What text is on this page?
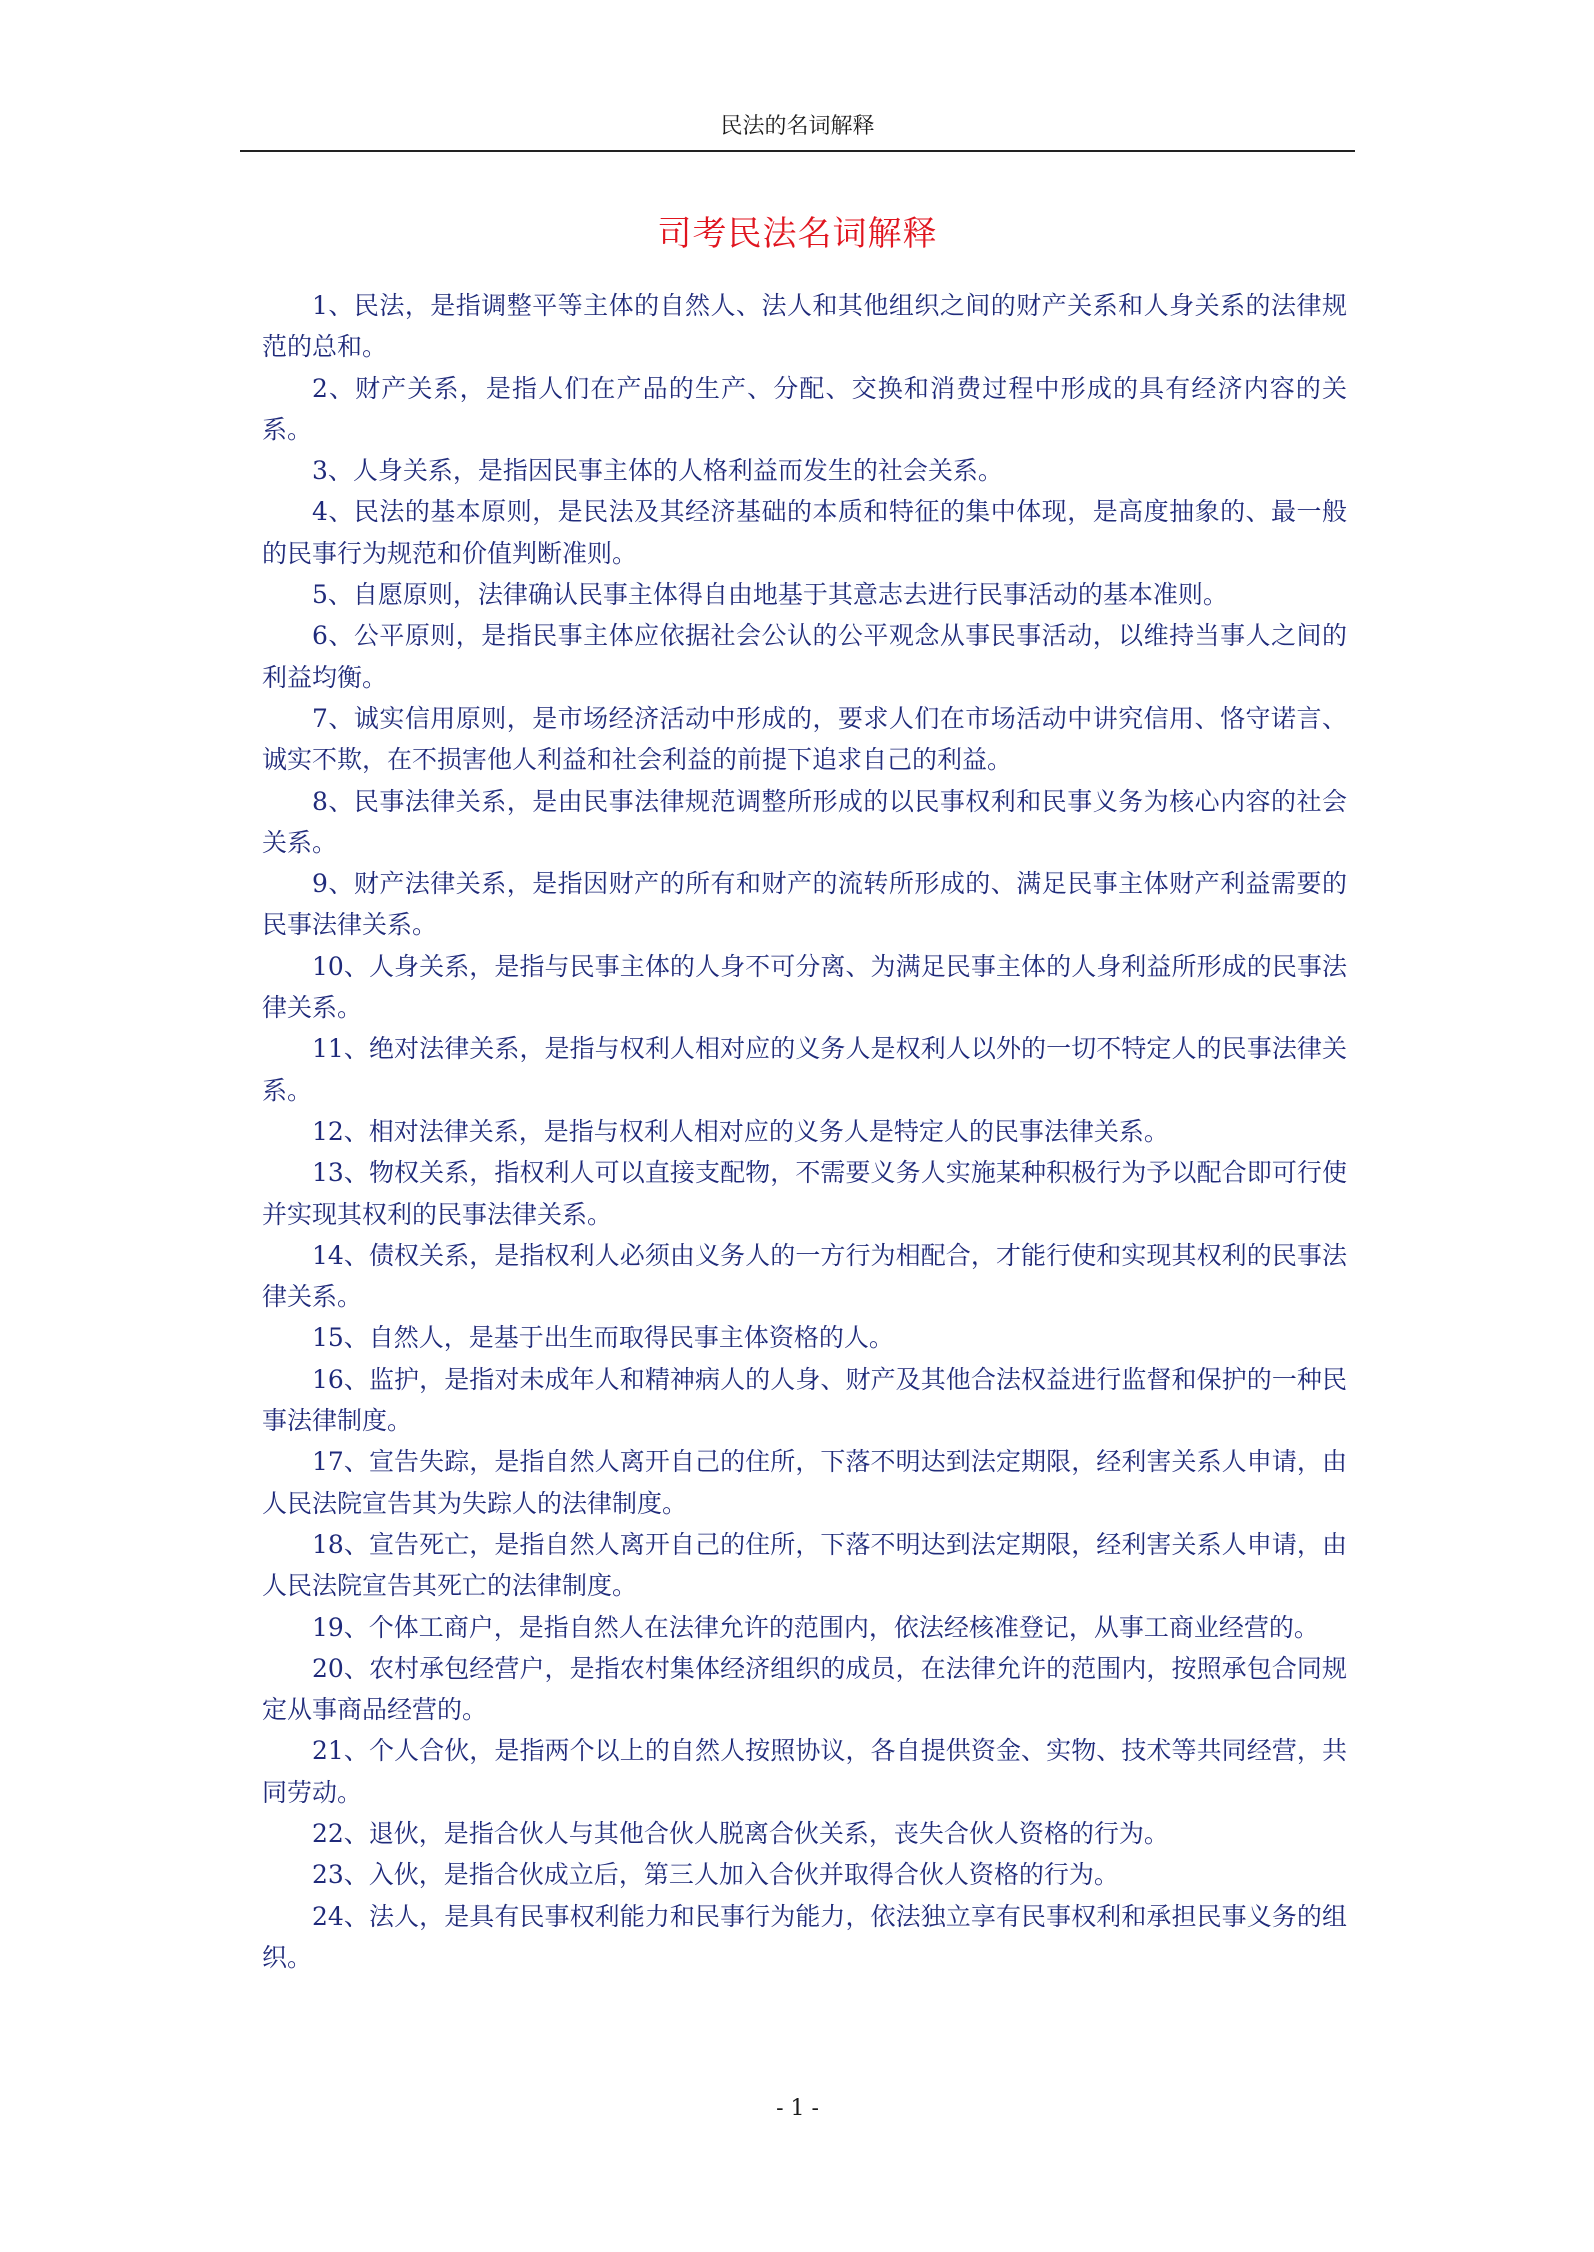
民法的名词解释
司考民法名词解释

1、民法，是指调整平等主体的自然人、法人和其他组织之间的财产关系和人身关系的法律规范的总和。

2、财产关系，是指人们在产品的生产、分配、交换和消费过程中形成的具有经济内容的关系。

3、人身关系，是指因民事主体的人格利益而发生的社会关系。

4、民法的基本原则，是民法及其经济基础的本质和特征的集中体现，是高度抽象的、最一般的民事行为规范和价值判断准则。

5、自愿原则，法律确认民事主体得自由地基于其意志去进行民事活动的基本准则。

6、公平原则，是指民事主体应依据社会公认的公平观念从事民事活动，以维持当事人之间的利益均衡。

7、诚实信用原则，是市场经济活动中形成的，要求人们在市场活动中讲究信用、恪守诺言、诚实不欺，在不损害他人利益和社会利益的前提下追求自己的利益。

8、民事法律关系，是由民事法律规范调整所形成的以民事权利和民事义务为核心内容的社会关系。

9、财产法律关系，是指因财产的所有和财产的流转所形成的、满足民事主体财产利益需要的民事法律关系。

10、人身关系，是指与民事主体的人身不可分离、为满足民事主体的人身利益所形成的民事法律关系。

11、绝对法律关系，是指与权利人相对应的义务人是权利人以外的一切不特定人的民事法律关系。

12、相对法律关系，是指与权利人相对应的义务人是特定人的民事法律关系。

13、物权关系，指权利人可以直接支配物，不需要义务人实施某种积极行为予以配合即可行使并实现其权利的民事法律关系。

14、债权关系，是指权利人必须由义务人的一方行为相配合，才能行使和实现其权利的民事法律关系。

15、自然人，是基于出生而取得民事主体资格的人。

16、监护，是指对未成年人和精神病人的人身、财产及其他合法权益进行监督和保护的一种民事法律制度。

17、宣告失踪，是指自然人离开自己的住所，下落不明达到法定期限，经利害关系人申请，由人民法院宣告其为失踪人的法律制度。

18、宣告死亡，是指自然人离开自己的住所，下落不明达到法定期限，经利害关系人申请，由人民法院宣告其死亡的法律制度。

19、个体工商户，是指自然人在法律允许的范围内，依法经核准登记，从事工商业经营的。

20、农村承包经营户，是指农村集体经济组织的成员，在法律允许的范围内，按照承包合同规定从事商品经营的。

21、个人合伙，是指两个以上的自然人按照协议，各自提供资金、实物、技术等共同经营，共同劳动。

22、退伙，是指合伙人与其他合伙人脱离合伙关系，丧失合伙人资格的行为。

23、入伙，是指合伙成立后，第三人加入合伙并取得合伙人资格的行为。

24、法人，是具有民事权利能力和民事行为能力，依法独立享有民事权利和承担民事义务的组织。

- 1 -
